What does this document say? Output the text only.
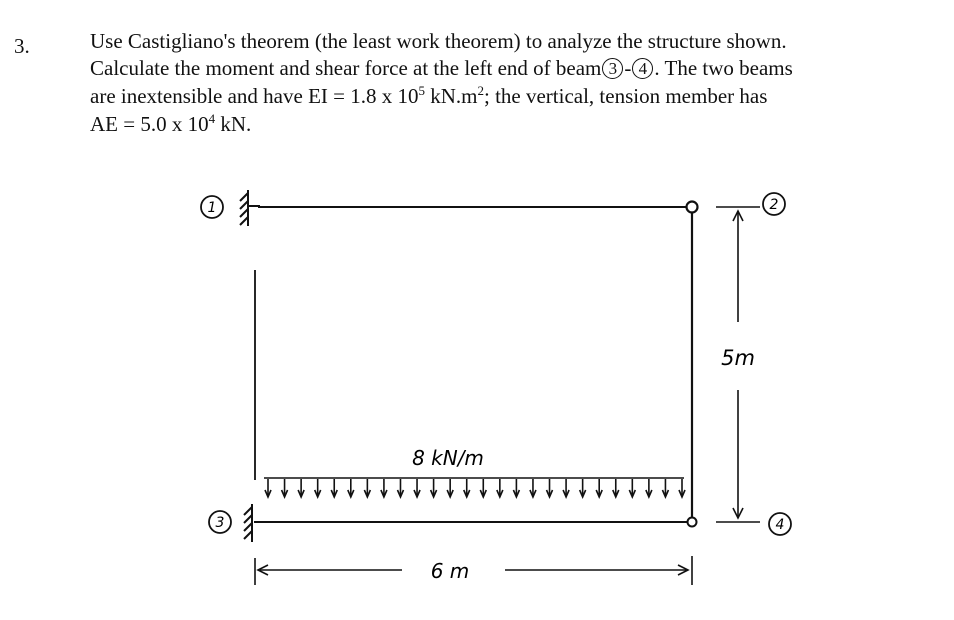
3.	Use Castigliano's theorem (the least work theorem) to analyze the structure shown.
Calculate the moment and shear force at the left end of beam 3 - 4 . The two beams
are inextensible and have EI = 1.8 x $10^5$ $kN.m^2$; the vertical, tension member has
AE = 5.0 x $10^4$ kN.
1
3
8 kN/m
6 m
5m
2
4
